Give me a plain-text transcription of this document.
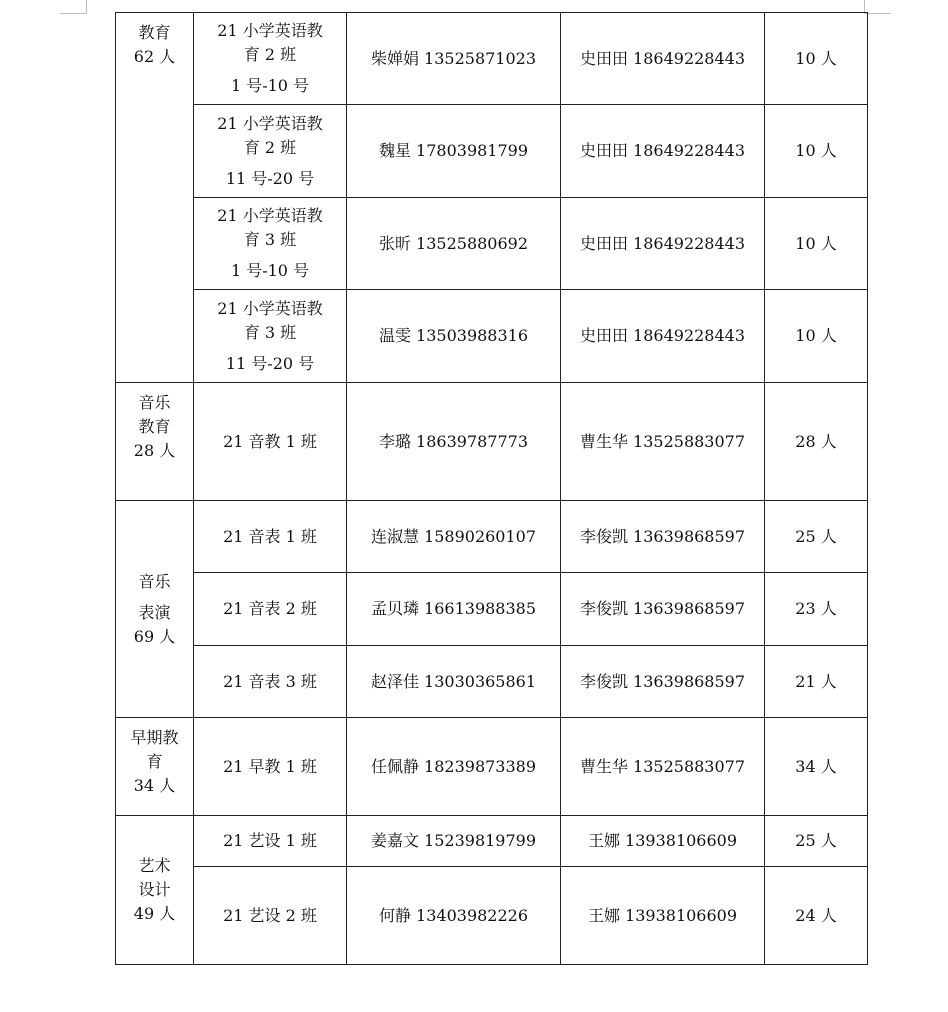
教育
62 人	21 小学英语教
育 2 班
1 号-10 号	柴婵娟 13525871023	史田田 18649228443	10 人

	21 小学英语教
育 2 班
11 号-20 号	魏星 17803981799	史田田 18649228443	10 人

	21 小学英语教
育 3 班
1 号-10 号	张昕 13525880692	史田田 18649228443	10 人

	21 小学英语教
育 3 班
11 号-20 号	温雯 13503988316	史田田 18649228443	10 人

音乐
教育
28 人	21 音教 1 班	李璐 18639787773	曹生华 13525883077	28 人

音乐
表演
69 人	21 音表 1 班	连淑慧 15890260107	李俊凯 13639868597	25 人

	21 音表 2 班	孟贝璘 16613988385	李俊凯 13639868597	23 人

	21 音表 3 班	赵泽佳 13030365861	李俊凯 13639868597	21 人

早期教
育
34 人	21 早教 1 班	任佩静 18239873389	曹生华 13525883077	34 人

艺术
设计
49 人	21 艺设 1 班	姜嘉文 15239819799	王娜 13938106609	25 人

	21 艺设 2 班	何静 13403982226	王娜 13938106609	24 人
